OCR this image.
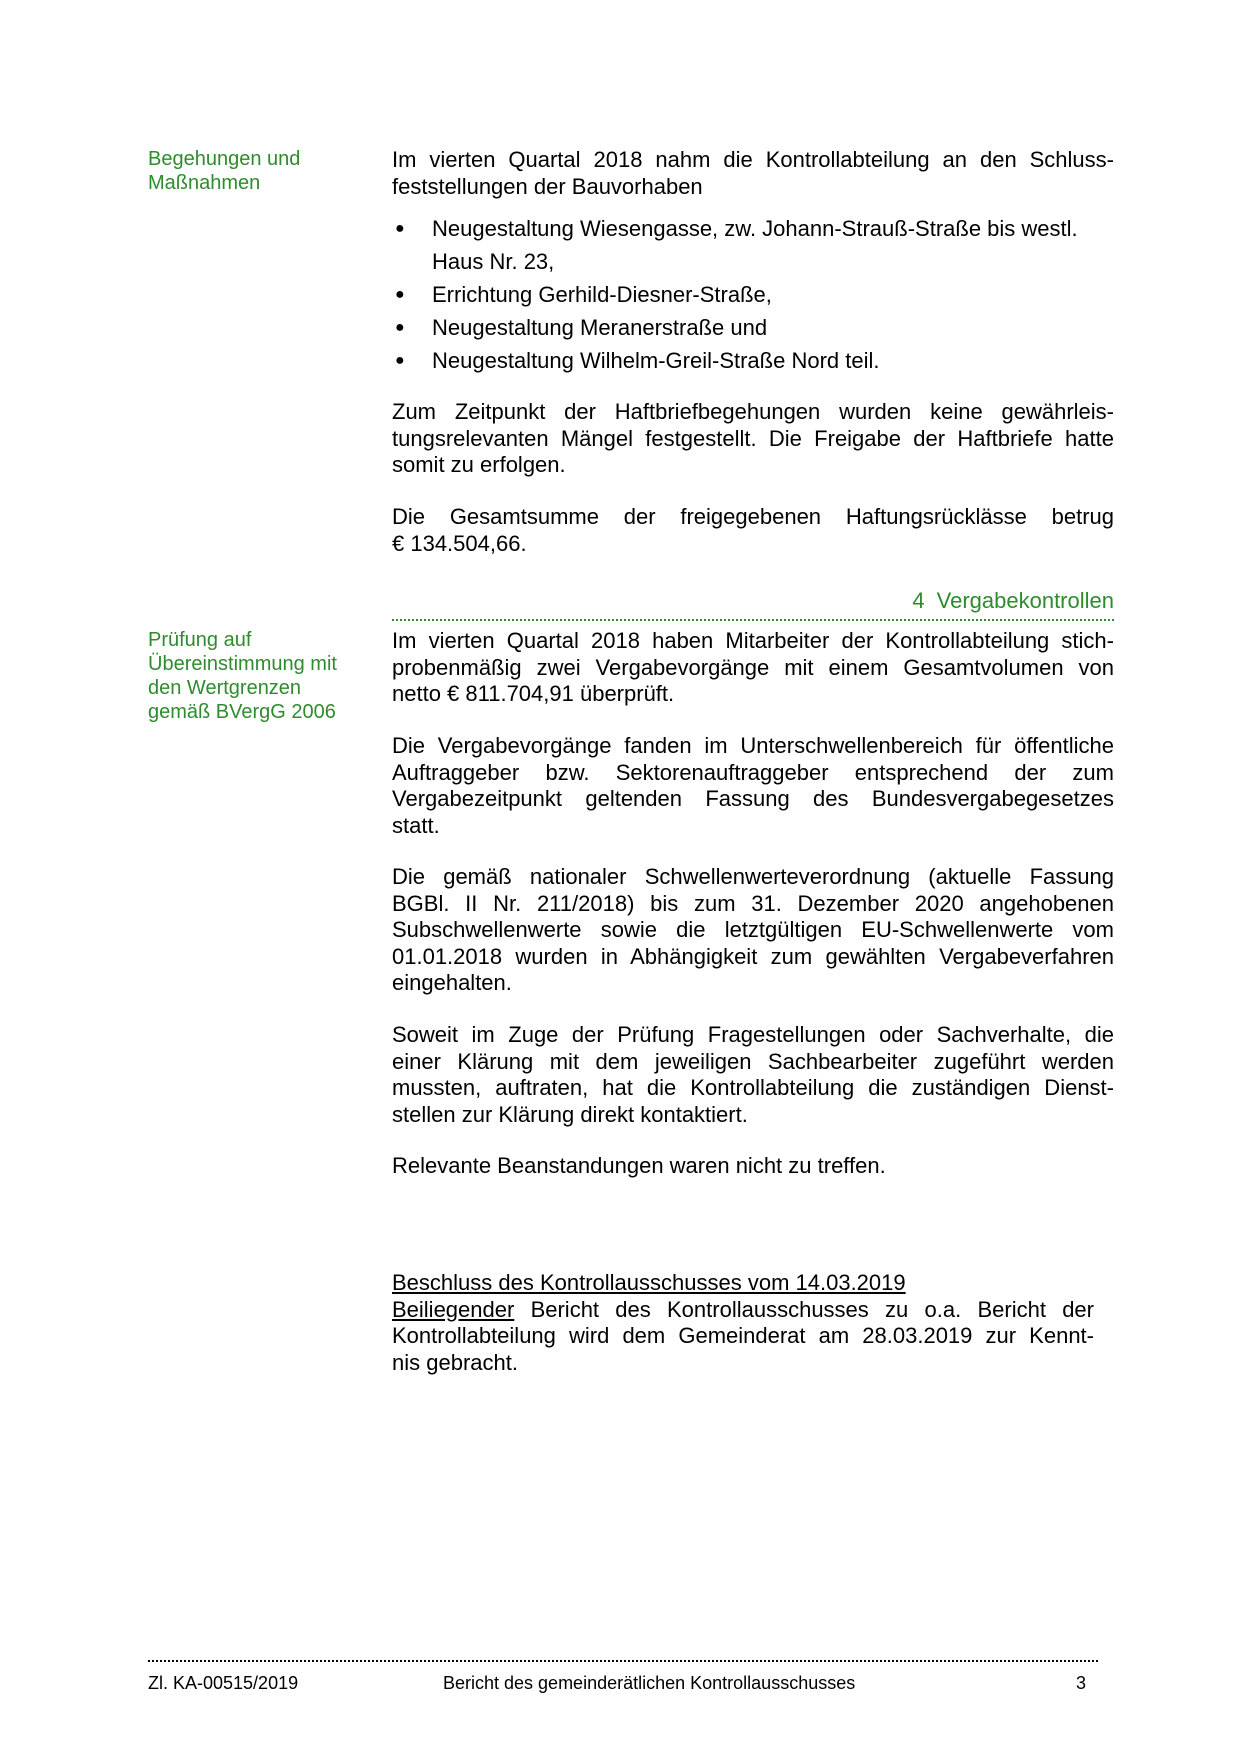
Begehungen und
Maßnahmen
Prüfung auf
Übereinstimmung mit
den Wertgrenzen
gemäß BVergG 2006
Im vierten Quartal 2018 nahm die Kontrollabteilung an den Schluss-
feststellungen der Bauvorhaben
● Neugestaltung Wiesengasse, zw. Johann-Strauß-Straße bis westl.
Haus Nr. 23,
● Errichtung Gerhild-Diesner-Straße,
● Neugestaltung Meranerstraße und
● Neugestaltung Wilhelm-Greil-Straße Nord teil.
Zum Zeitpunkt der Haftbriefbegehungen wurden keine gewährleis-
tungsrelevanten Mängel festgestellt. Die Freigabe der Haftbriefe hatte
somit zu erfolgen.
Die Gesamtsumme der freigegebenen Haftungsrücklässe betrug
€ 134.504,66.
4 Vergabekontrollen
Im vierten Quartal 2018 haben Mitarbeiter der Kontrollabteilung stich-
probenmäßig zwei Vergabevorgänge mit einem Gesamtvolumen von
netto € 811.704,91 überprüft.
Die Vergabevorgänge fanden im Unterschwellenbereich für öffentliche
Auftraggeber bzw. Sektorenauftraggeber entsprechend der zum
Vergabezeitpunkt geltenden Fassung des Bundesvergabegesetzes
statt.
Die gemäß nationaler Schwellenwerteverordnung (aktuelle Fassung
BGBl. II Nr. 211/2018) bis zum 31. Dezember 2020 angehobenen
Subschwellenwerte sowie die letztgültigen EU-Schwellenwerte vom
01.01.2018 wurden in Abhängigkeit zum gewählten Vergabeverfahren
eingehalten.
Soweit im Zuge der Prüfung Fragestellungen oder Sachverhalte, die
einer Klärung mit dem jeweiligen Sachbearbeiter zugeführt werden
mussten, auftraten, hat die Kontrollabteilung die zuständigen Dienst-
stellen zur Klärung direkt kontaktiert.
Relevante Beanstandungen waren nicht zu treffen.
Beschluss des Kontrollausschusses vom 14.03.2019
Beiliegender Bericht des Kontrollausschusses zu o.a. Bericht der
Kontrollabteilung wird dem Gemeinderat am 28.03.2019 zur Kennt-
nis gebracht.
Zl. KA-00515/2019	Bericht des gemeinderätlichen Kontrollausschusses	3
